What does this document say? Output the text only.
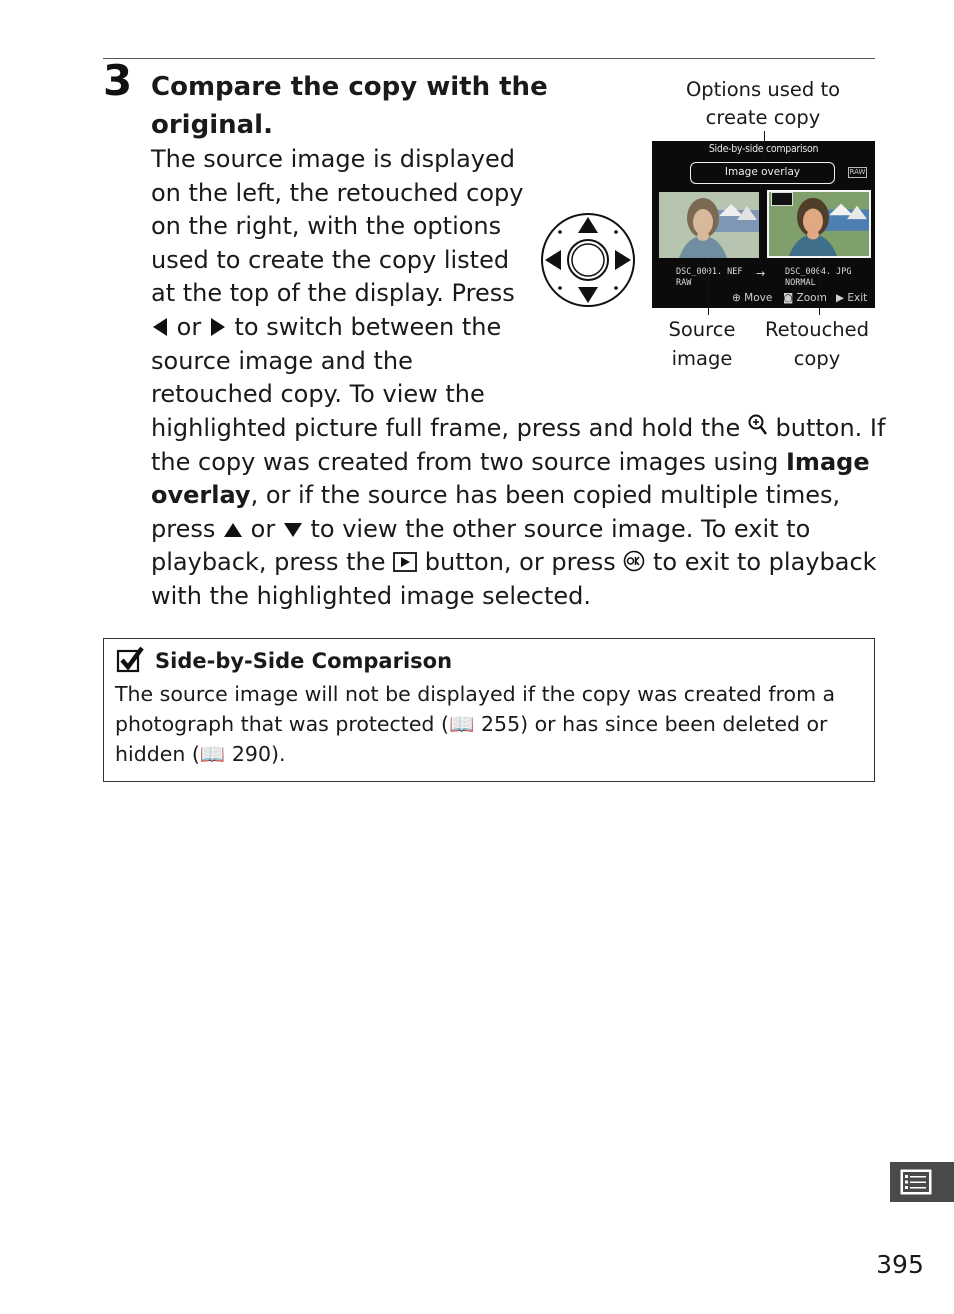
3 Compare the copy with the original.
The source image is displayed on the left, the retouched copy on the right, with the options used to create the copy listed at the top of the display. Press  or to switch between the source image and the retouched copy. To view the
highlighted picture full frame, press and hold the button. If the copy was created from two source images using Image overlay, or if the source has been copied multiple times, press or to view the other source image. To exit to playback, press the button, or press to exit to playback with the highlighted image selected.
Options used to create copy
Side-by-side comparison
Image overlay	RAW
DSC_0001. NEF
RAW
→ DSC_0004. JPG
NORMAL
⊕ Move ◙ Zoom ▶ Exit
Source image
Retouched copy
Side-by-Side Comparison
The source image will not be displayed if the copy was created from a photograph that was protected (📖 255) or has since been deleted or hidden (📖 290).
395
